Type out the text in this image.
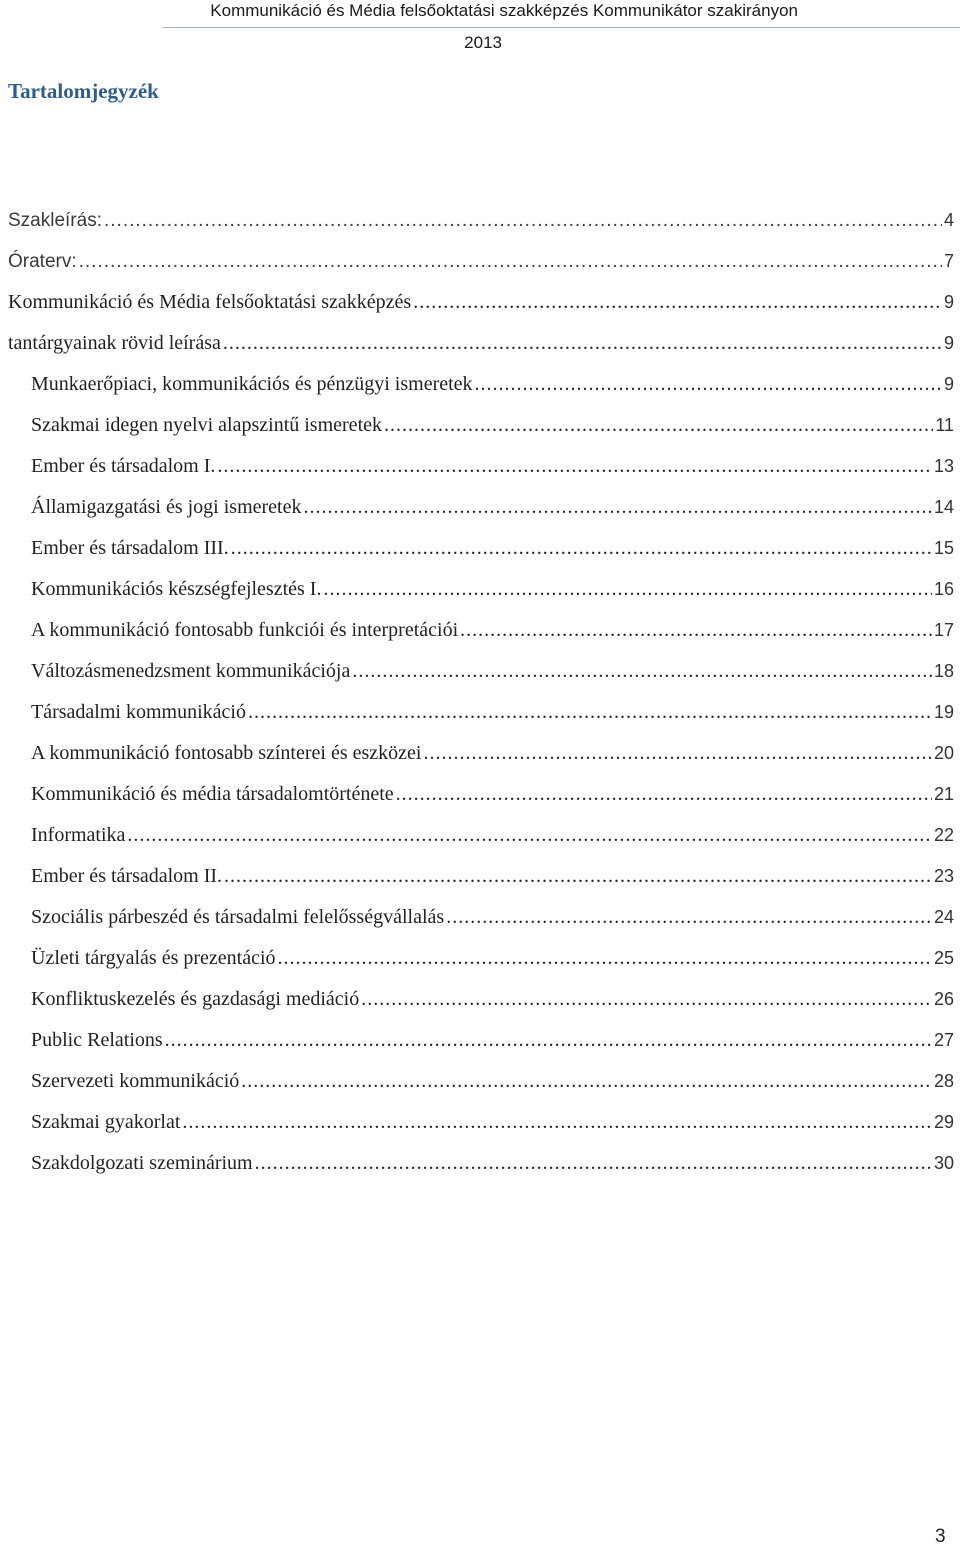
Kommunikáció és Média felsőoktatási szakképzés Kommunikátor szakirányon
2013
Tartalomjegyzék
Szakleírás: .....	4
Óraterv: .....	7
Kommunikáció és Média felsőoktatási szakképzés .....	9
tantárgyainak rövid leírása .....	9
Munkaerőpiaci, kommunikációs és pénzügyi ismeretek .....	9
Szakmai idegen nyelvi alapszintű ismeretek .....	11
Ember és társadalom I. .....	13
Államigazgatási és jogi ismeretek .....	14
Ember és társadalom III. .....	15
Kommunikációs készségfejlesztés I. .....	16
A kommunikáció fontosabb funkciói és interpretációi .....	17
Változásmenedzsment kommunikációja .....	18
Társadalmi kommunikáció .....	19
A kommunikáció fontosabb színterei és eszközei .....	20
Kommunikáció és média társadalomtörténete .....	21
Informatika .....	22
Ember és társadalom II. .....	23
Szociális párbeszéd és társadalmi felelősségvállalás .....	24
Üzleti tárgyalás és prezentáció .....	25
Konfliktuskezelés és gazdasági mediáció .....	26
Public Relations .....	27
Szervezeti kommunikáció .....	28
Szakmai gyakorlat .....	29
Szakdolgozati szeminárium .....	30
3
